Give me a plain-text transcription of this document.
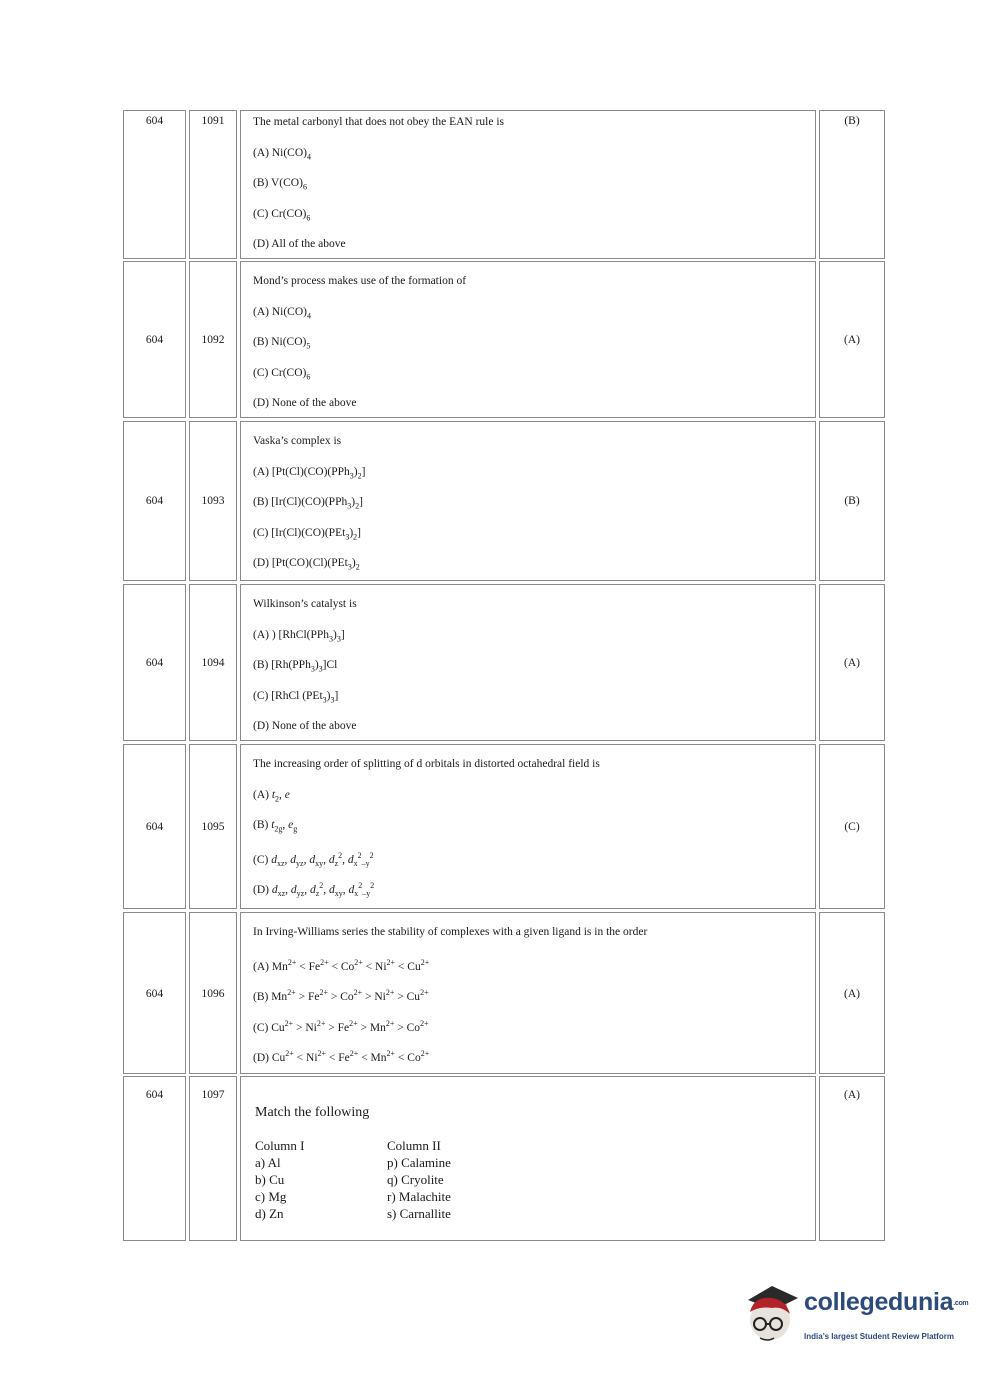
604	1091	The metal carbonyl that does not obey the EAN rule is
(A) $Ni(CO)_4$
(B) $V(CO)_6$
(C) $Cr(CO)_6$
(D) All of the above
(B)
604	1092
Mond’s process makes use of the formation of
(A) $Ni(CO)_4$
(B) $Ni(CO)_5$
(C) $Cr(CO)_6$
(D) None of the above
(A)
604	1093
Vaska’s complex is
(A) $[Pt(Cl)(CO)(PPh_3)_2]$
(B) $[Ir(Cl)(CO)(PPh_3)_2]$
(C) $[Ir(Cl)(CO)(PEt_3)_2]$
(D) [$Pt(CO)(Cl)(PEt_3)_2$
(B)
604	1094
Wilkinson’s catalyst is
(A) ) $[RhCl(PPh_3)_3]$
(B) $[Rh(PPh_3)_3]Cl$
(C) [RhCl $(PEt_3)_3$]
(D) None of the above
(A)
604	1095
The increasing order of splitting of d orbitals in distorted octahedral field is
(A) $t_2$, e
(B) $t_{2g}$, $e_g$
(C) $d_{xz}$, $d_{yz}$, $d_{xy}$, $d_z^2$, $d_x^2_{-y}^2$
(D) $d_{xz}$, $d_{yz}$, $d_z^2$, $d_{xy}$, $d_x^2_{-y}^2$
(C)
604	1096
In Irving-Williams series the stability of complexes with a given ligand is in the order
(A) $Mn^{2+} < Fe^{2+} < Co^{2+} < Ni^{2+} < Cu^{2+}$
(B) $Mn^{2+} > Fe^{2+} > Co^{2+} > Ni^{2+} > Cu^{2+}$
(C) $Cu^{2+} > Ni^{2+} > Fe^{2+} > Mn^{2+} > Co^{2+}$
(D) $Cu^{2+} < Ni^{2+} < Fe^{2+} < Mn^{2+} < Co^{2+}$
(A)
604	1097
Match the following
Column I	Column II
a) Al	p) Calamine
b) Cu	q) Cryolite
c) Mg	r) Malachite
d) Zn	s) Carnallite
(A)
collegedunia.com
India’s largest Student Review Platform
